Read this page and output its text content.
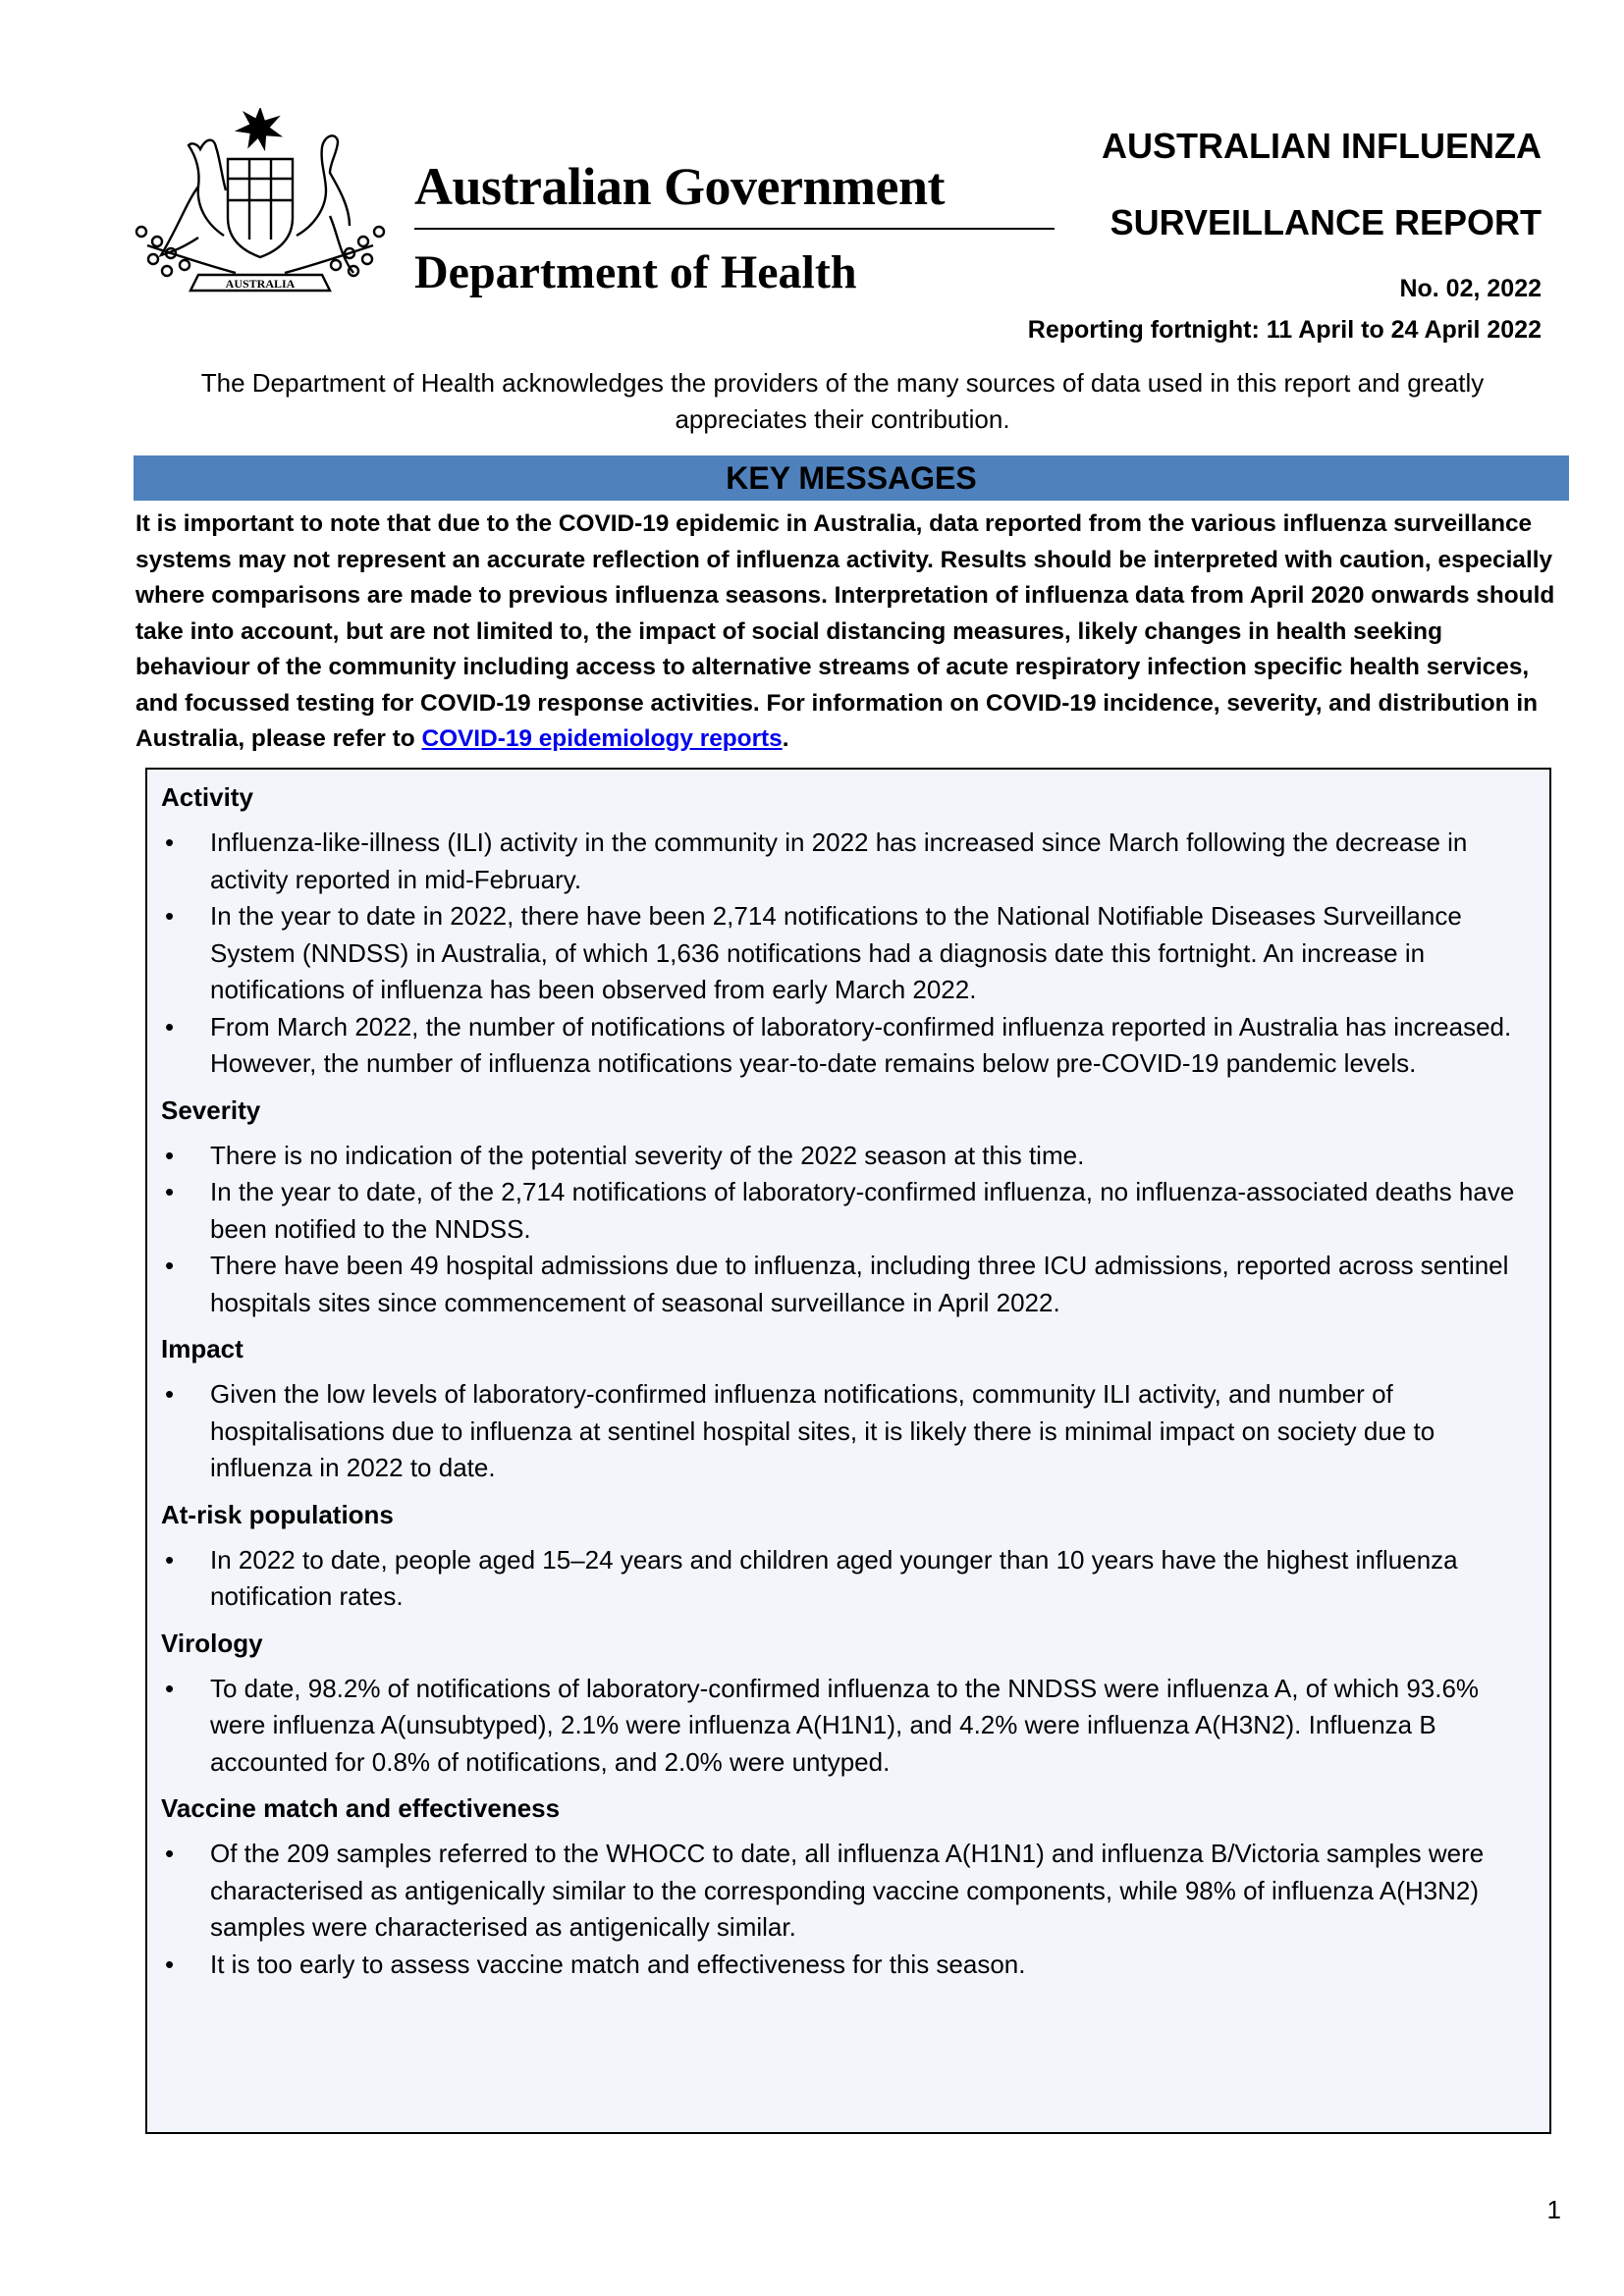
AUSTRALIA
Australian Government
Department of Health
AUSTRALIAN INFLUENZA
SURVEILLANCE REPORT
No. 02, 2022
Reporting fortnight: 11 April to 24 April 2022
The Department of Health acknowledges the providers of the many sources of data used in this report and greatly
appreciates their contribution.
KEY MESSAGES
It is important to note that due to the COVID-19 epidemic in Australia, data reported from the various influenza surveillance systems may not represent an accurate reflection of influenza activity. Results should be interpreted with caution, especially where comparisons are made to previous influenza seasons. Interpretation of influenza data from April 2020 onwards should take into account, but are not limited to, the impact of social distancing measures, likely changes in health seeking behaviour of the community including access to alternative streams of acute respiratory infection specific health services, and focussed testing for COVID-19 response activities. For information on COVID-19 incidence, severity, and distribution in Australia, please refer to COVID-19 epidemiology reports.
Activity
• Influenza-like-illness (ILI) activity in the community in 2022 has increased since March following the decrease in activity reported in mid-February.
• In the year to date in 2022, there have been 2,714 notifications to the National Notifiable Diseases Surveillance System (NNDSS) in Australia, of which 1,636 notifications had a diagnosis date this fortnight. An increase in notifications of influenza has been observed from early March 2022.
• From March 2022, the number of notifications of laboratory-confirmed influenza reported in Australia has increased. However, the number of influenza notifications year-to-date remains below pre-COVID-19 pandemic levels.
Severity
• There is no indication of the potential severity of the 2022 season at this time.
• In the year to date, of the 2,714 notifications of laboratory-confirmed influenza, no influenza-associated deaths have been notified to the NNDSS.
• There have been 49 hospital admissions due to influenza, including three ICU admissions, reported across sentinel hospitals sites since commencement of seasonal surveillance in April 2022.
Impact
• Given the low levels of laboratory-confirmed influenza notifications, community ILI activity, and number of hospitalisations due to influenza at sentinel hospital sites, it is likely there is minimal impact on society due to influenza in 2022 to date.
At-risk populations
• In 2022 to date, people aged 15–24 years and children aged younger than 10 years have the highest influenza notification rates.
Virology
• To date, 98.2% of notifications of laboratory-confirmed influenza to the NNDSS were influenza A, of which 93.6% were influenza A(unsubtyped), 2.1% were influenza A(H1N1), and 4.2% were influenza A(H3N2). Influenza B accounted for 0.8% of notifications, and 2.0% were untyped.
Vaccine match and effectiveness
• Of the 209 samples referred to the WHOCC to date, all influenza A(H1N1) and influenza B/Victoria samples were characterised as antigenically similar to the corresponding vaccine components, while 98% of influenza A(H3N2) samples were characterised as antigenically similar.
• It is too early to assess vaccine match and effectiveness for this season.
1
